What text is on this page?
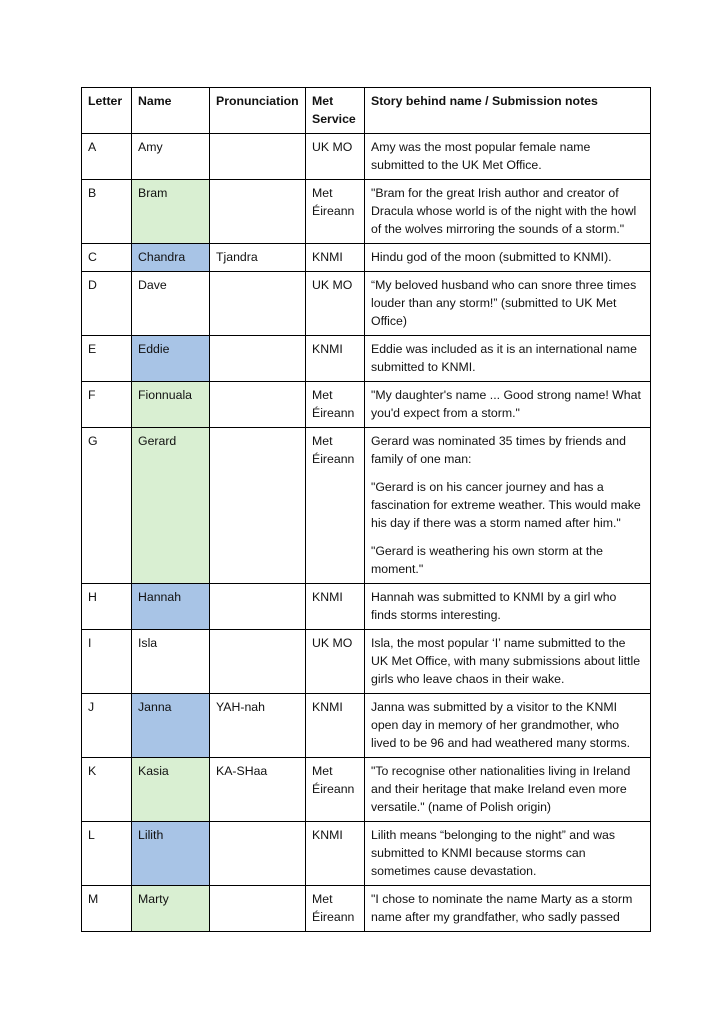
Letter	Name	Pronunciation	Met Service	Story behind name / Submission notes
A	Amy		UK MO	Amy was the most popular female name submitted to the UK Met Office.

B	Bram		Met Éireann	"Bram for the great Irish author and creator of Dracula whose world is of the night with the howl of the wolves mirroring the sounds of a storm."

C	Chandra	Tjandra	KNMI	Hindu god of the moon (submitted to KNMI).

D	Dave		UK MO	“My beloved husband who can snore three times louder than any storm!” (submitted to UK Met Office)

E	Eddie		KNMI	Eddie was included as it is an international name submitted to KNMI.

F	Fionnuala		Met Éireann	"My daughter's name ... Good strong name! What you'd expect from a storm."

G	Gerard		Met Éireann	Gerard was nominated 35 times by friends and family of one man:

"Gerard is on his cancer journey and has a fascination for extreme weather. This would make his day if there was a storm named after him."

"Gerard is weathering his own storm at the moment."

H	Hannah		KNMI	Hannah was submitted to KNMI by a girl who finds storms interesting.

I	Isla		UK MO	Isla, the most popular ‘I’ name submitted to the UK Met Office, with many submissions about little girls who leave chaos in their wake.

J	Janna	YAH-nah	KNMI	Janna was submitted by a visitor to the KNMI open day in memory of her grandmother, who lived to be 96 and had weathered many storms.

K	Kasia	KA-SHaa	Met Éireann	"To recognise other nationalities living in Ireland and their heritage that make Ireland even more versatile." (name of Polish origin)

L	Lilith		KNMI	Lilith means “belonging to the night” and was submitted to KNMI because storms can sometimes cause devastation.

M	Marty		Met Éireann	"I chose to nominate the name Marty as a storm name after my grandfather, who sadly passed
